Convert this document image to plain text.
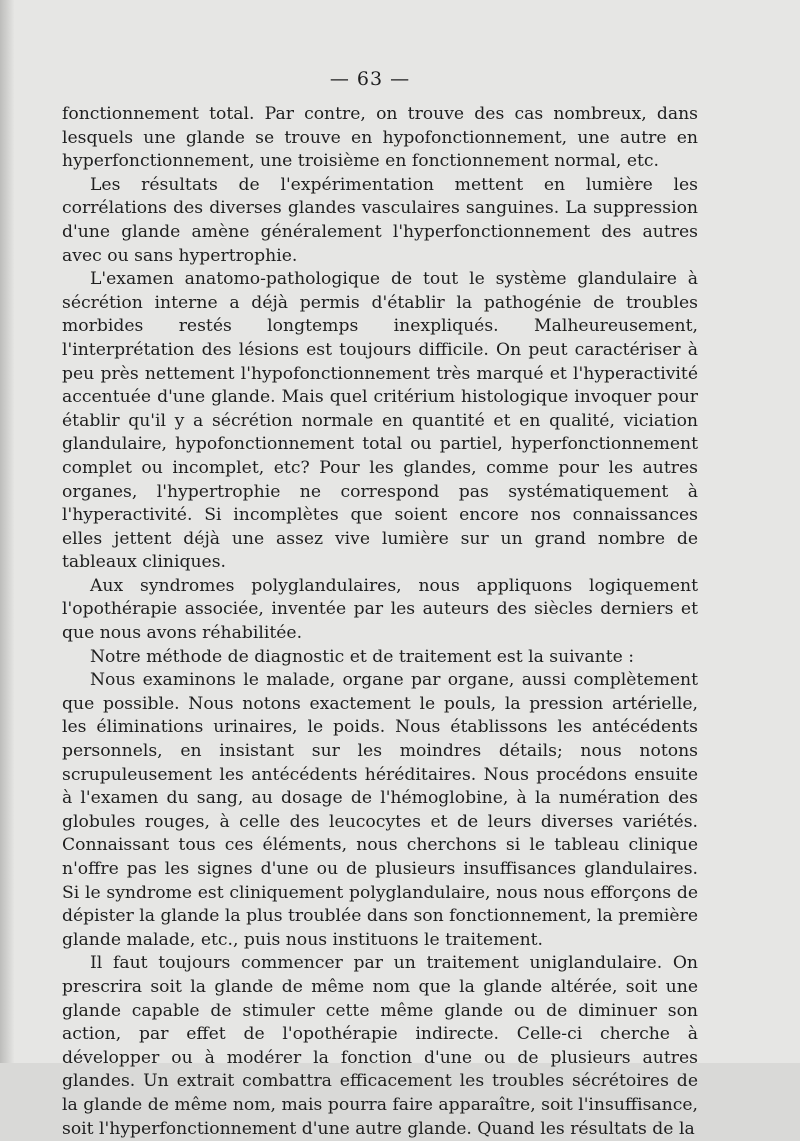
— 63 —

fonctionnement total. Par contre, on trouve des cas nombreux, dans lesquels une glande se trouve en hypofonctionnement, une autre en hyperfonctionnement, une troisième en fonctionnement normal, etc.

Les résultats de l'expérimentation mettent en lumière les corrélations des diverses glandes vasculaires sanguines. La suppression d'une glande amène généralement l'hyperfonctionnement des autres avec ou sans hypertrophie.

L'examen anatomo-pathologique de tout le système glandulaire à sécrétion interne a déjà permis d'établir la pathogénie de troubles morbides restés longtemps inexpliqués. Malheureusement, l'interprétation des lésions est toujours difficile. On peut caractériser à peu près nettement l'hypofonctionnement très marqué et l'hyperactivité accentuée d'une glande. Mais quel critérium histologique invoquer pour établir qu'il y a sécrétion normale en quantité et en qualité, viciation glandulaire, hypofonctionnement total ou partiel, hyperfonctionnement complet ou incomplet, etc? Pour les glandes, comme pour les autres organes, l'hypertrophie ne correspond pas systématiquement à l'hyperactivité. Si incomplètes que soient encore nos connaissances elles jettent déjà une assez vive lumière sur un grand nombre de tableaux cliniques.

Aux syndromes polyglandulaires, nous appliquons logiquement l'opothérapie associée, inventée par les auteurs des siècles derniers et que nous avons réhabilitée.

Notre méthode de diagnostic et de traitement est la suivante :

Nous examinons le malade, organe par organe, aussi complètement que possible. Nous notons exactement le pouls, la pression artérielle, les éliminations urinaires, le poids. Nous établissons les antécédents personnels, en insistant sur les moindres détails; nous notons scrupuleusement les antécédents héréditaires. Nous procédons ensuite à l'examen du sang, au dosage de l'hémoglobine, à la numération des globules rouges, à celle des leucocytes et de leurs diverses variétés. Connaissant tous ces éléments, nous cherchons si le tableau clinique n'offre pas les signes d'une ou de plusieurs insuffisances glandulaires. Si le syndrome est cliniquement polyglandulaire, nous nous efforçons de dépister la glande la plus troublée dans son fonctionnement, la première glande malade, etc., puis nous instituons le traitement.

Il faut toujours commencer par un traitement uniglandulaire. On prescrira soit la glande de même nom que la glande altérée, soit une glande capable de stimuler cette même glande ou de diminuer son action, par effet de l'opothérapie indirecte. Celle-ci cherche à développer ou à modérer la fonction d'une ou de plusieurs autres glandes. Un extrait combattra efficacement les troubles sécrétoires de la glande de même nom, mais pourra faire apparaître, soit l'insuffisance, soit l'hyperfonctionnement d'une autre glande. Quand les résultats de la
